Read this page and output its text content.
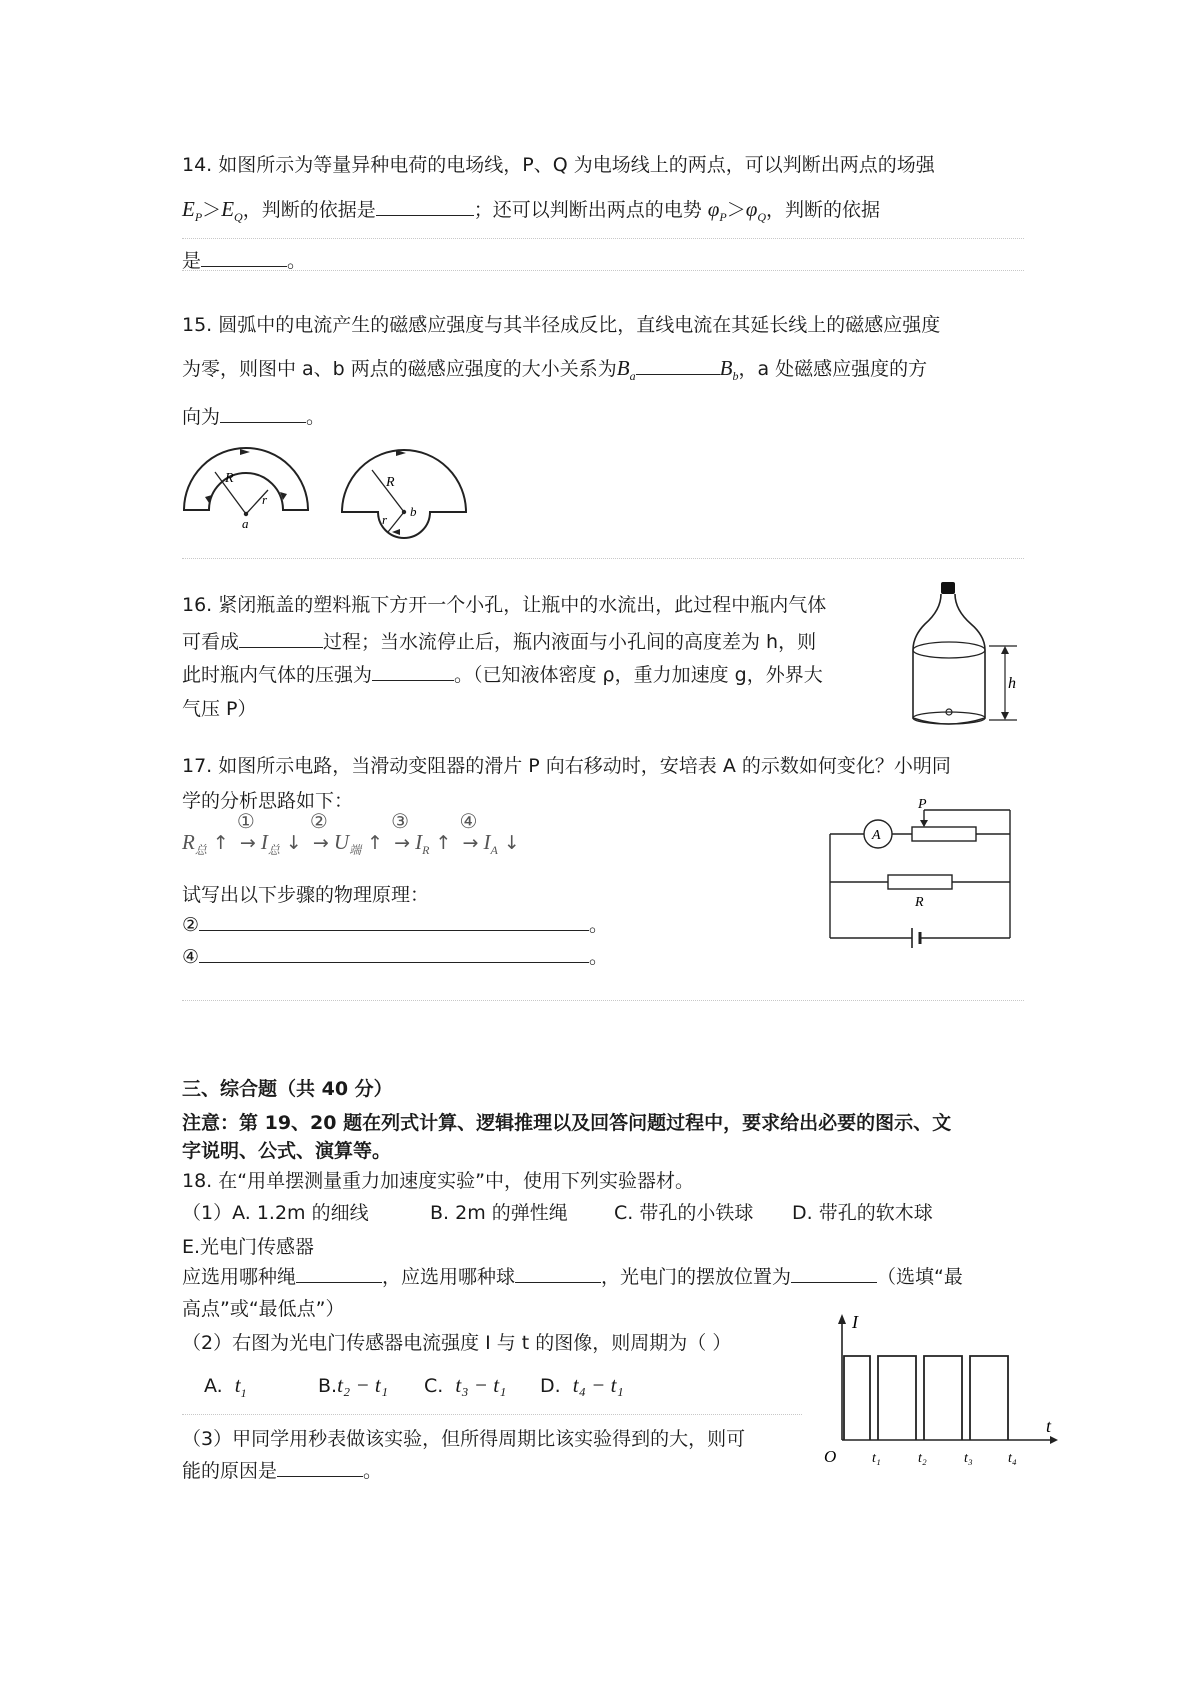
14. 如图所示为等量异种电荷的电场线，P、Q 为电场线上的两点，可以判断出两点的场强
$E_P>E_Q$，判断的依据是	；还可以判断出两点的电势 $\varphi_P>\varphi_Q$，判断的依据
是	。
15. 圆弧中的电流产生的磁感应强度与其半径成反比，直线电流在其延长线上的磁感应强度
为零，则图中 a、b 两点的磁感应强度的大小关系为$B_a$	$B_b$，a 处磁感应强度的方
向为	。
R
r
a
R
r
b
16. 紧闭瓶盖的塑料瓶下方开一个小孔，让瓶中的水流出，此过程中瓶内气体
可看成	过程；当水流停止后，瓶内液面与小孔间的高度差为 h，则
此时瓶内气体的压强为	。（已知液体密度 ρ，重力加速度 g，外界大
气压 P）
h
17. 如图所示电路，当滑动变阻器的滑片 P 向右移动时，安培表 A 的示数如何变化？小明同
学的分析思路如下：
$R_总$ ↑
①
→ $I_总$ ↓
②
→ $U_端$ ↑
③
→ $I_R$ ↑
④
→ $I_A$ ↓
试写出以下步骤的物理原理：
②	。
④	。
A
P
R
三、综合题（共 40 分）
注意：第 19、20 题在列式计算、逻辑推理以及回答问题过程中，要求给出必要的图示、文
字说明、公式、演算等。
18. 在“用单摆测量重力加速度实验”中，使用下列实验器材。
（1）A. 1.2m 的细线	B. 2m 的弹性绳 C. 带孔的小铁球 D. 带孔的软木球
E.光电门传感器
应选用哪种绳	，应选用哪种球	，光电门的摆放位置为	（选填“最
高点”或“最低点”）
（2）右图为光电门传感器电流强度 I 与 t 的图像，则周期为（ ）
A. $t_1$	B.t₂ − t₁ C. t₃ − t₁ D. t₄ − t₁
（3）甲同学用秒表做该实验，但所得周期比该实验得到的大，则可
能的原因是	。
I
t
O	t₁	t₂	t₃	t₄
